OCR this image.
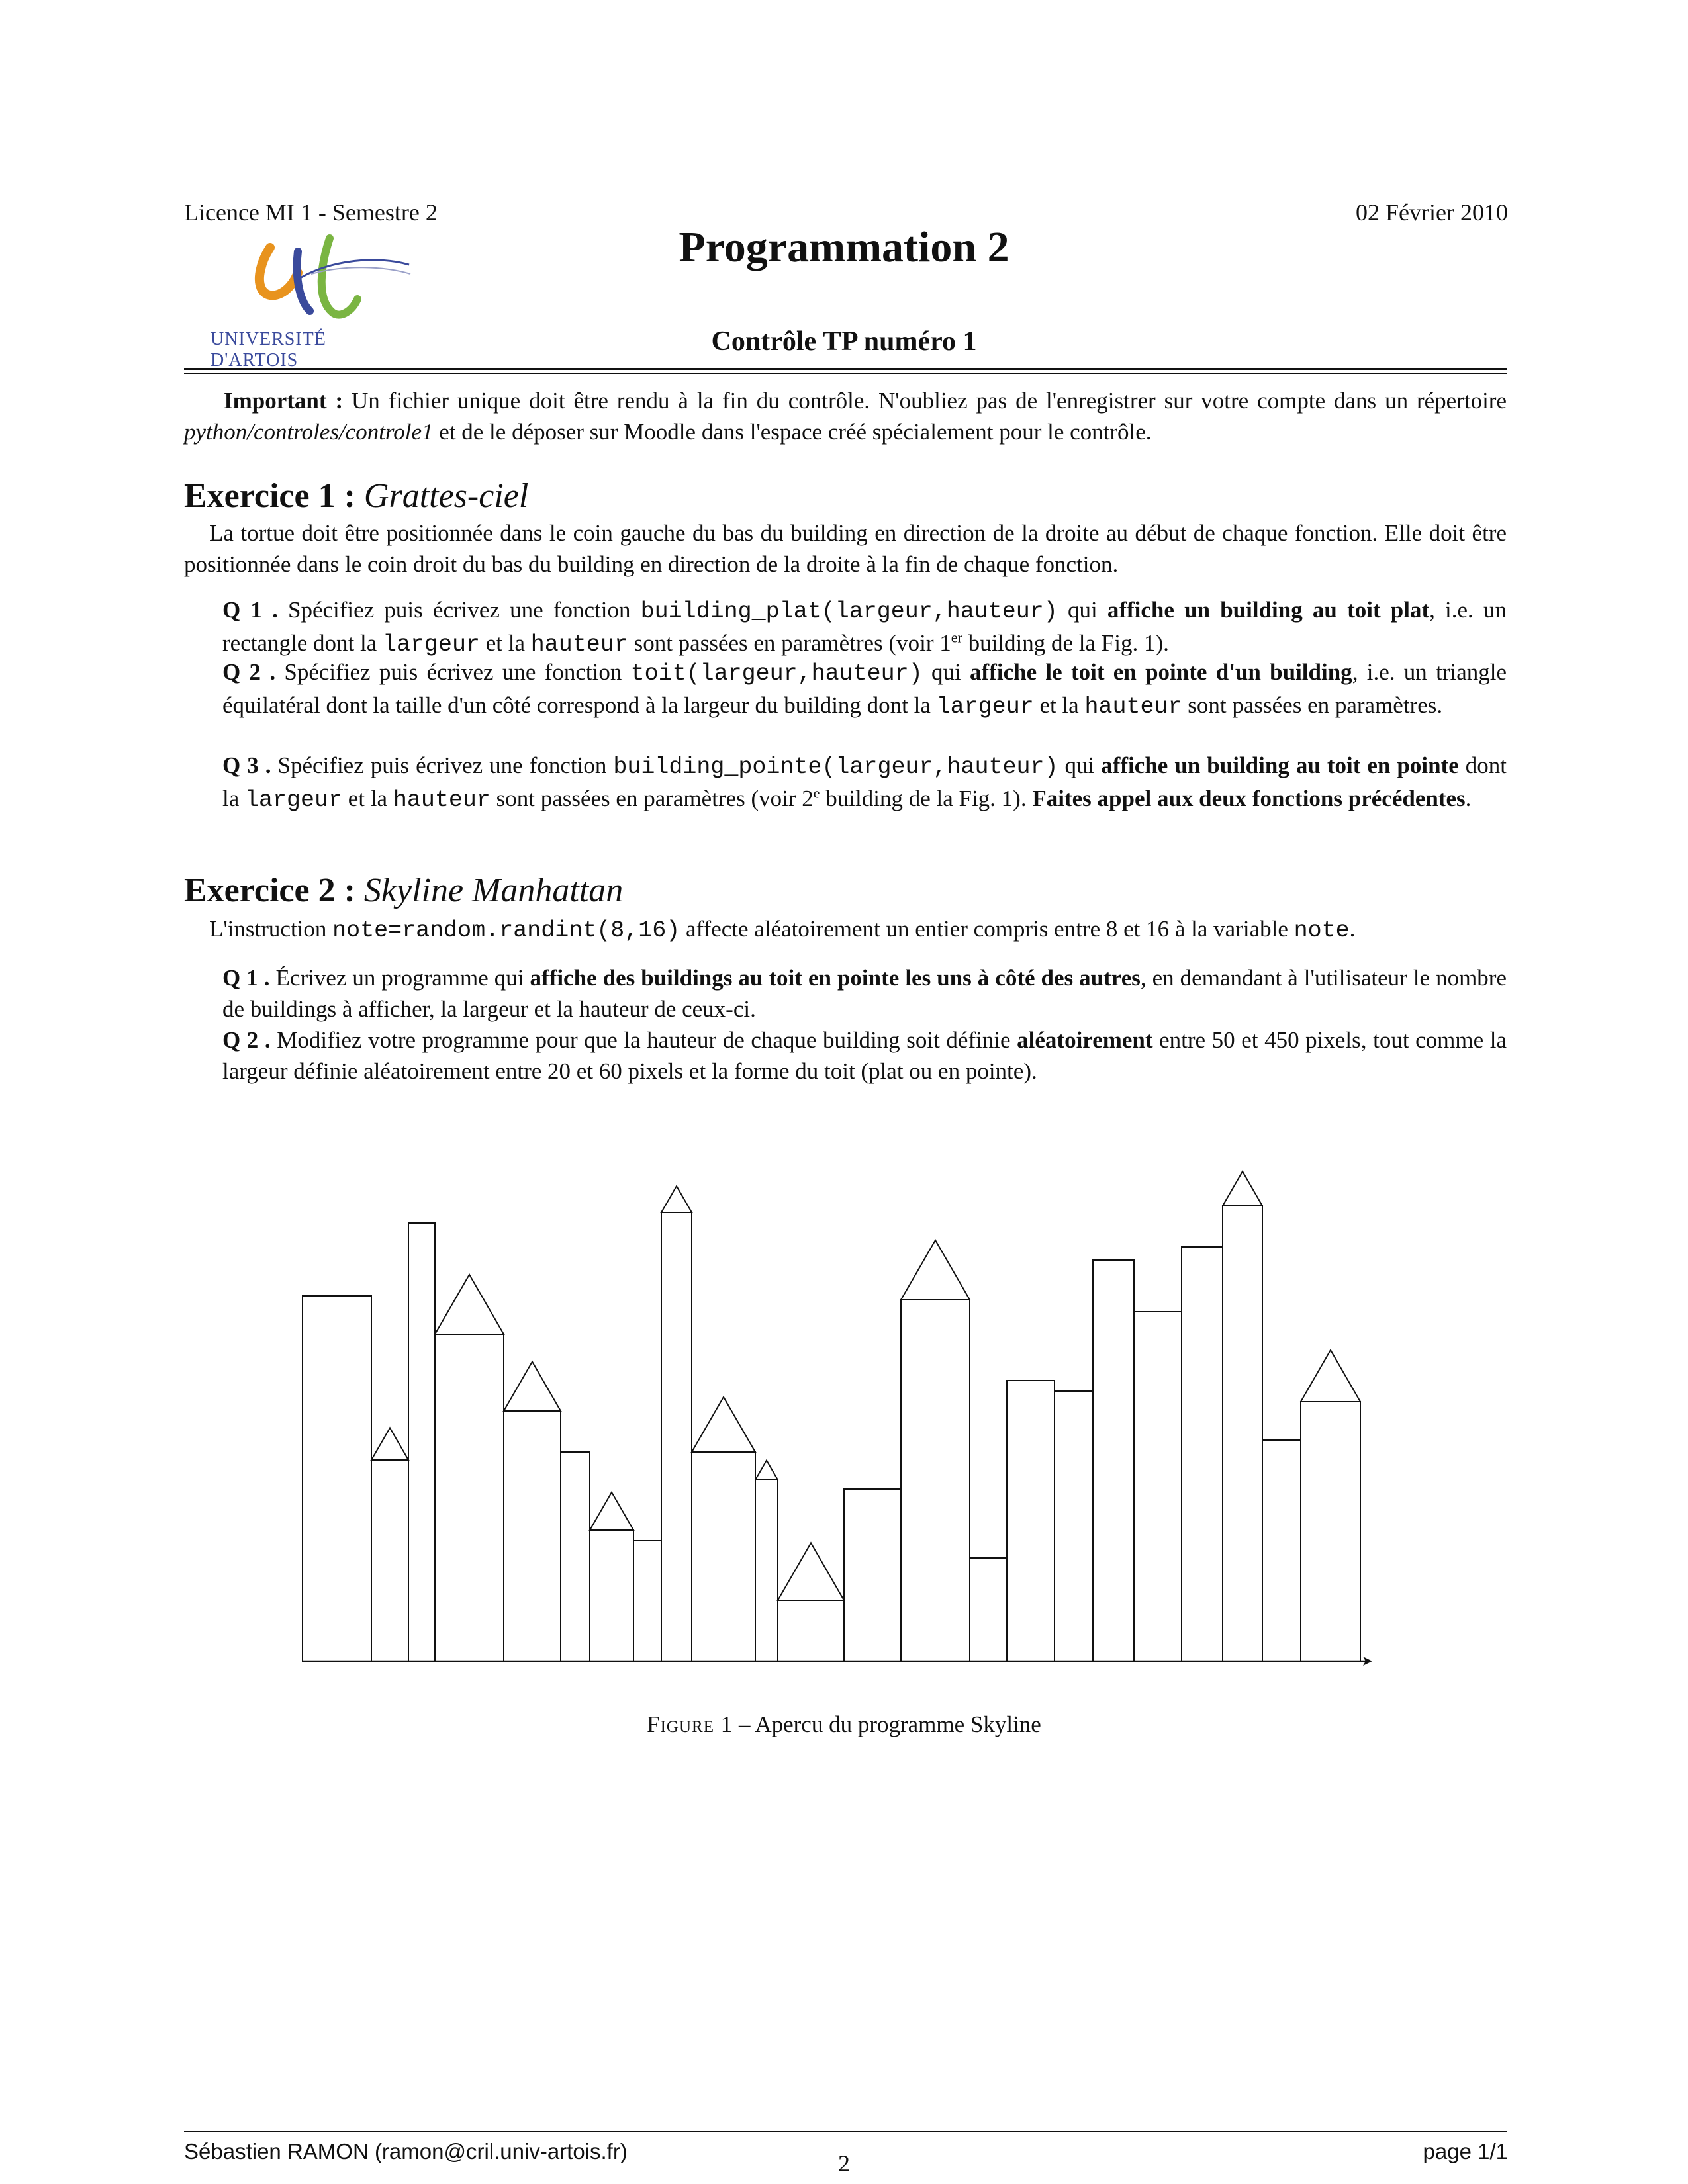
Licence MI 1 - Semestre 2	02 Février 2010
Programmation 2
UNIVERSITÉ D'ARTOIS
Contrôle TP numéro 1

Important : Un fichier unique doit être rendu à la fin du contrôle. N'oubliez pas de l'enregistrer sur votre compte dans un répertoire python/controles/controle1 et de le déposer sur Moodle dans l'espace créé spécialement pour le contrôle.

Exercice 1 : Grattes-ciel

La tortue doit être positionnée dans le coin gauche du bas du building en direction de la droite au début de chaque fonction. Elle doit être positionnée dans le coin droit du bas du building en direction de la droite à la fin de chaque fonction.

Q 1 . Spécifiez puis écrivez une fonction building_plat(largeur,hauteur) qui affiche un building au toit plat, i.e. un rectangle dont la largeur et la hauteur sont passées en paramètres (voir 1er building de la Fig. 1).

Q 2 . Spécifiez puis écrivez une fonction toit(largeur,hauteur) qui affiche le toit en pointe d'un building, i.e. un triangle équilatéral dont la taille d'un côté correspond à la largeur du building dont la largeur et la hauteur sont passées en paramètres.

Q 3 . Spécifiez puis écrivez une fonction building_pointe(largeur,hauteur) qui affiche un building au toit en pointe dont la largeur et la hauteur sont passées en paramètres (voir 2e building de la Fig. 1). Faites appel aux deux fonctions précédentes.

Exercice 2 : Skyline Manhattan

L'instruction note=random.randint(8,16) affecte aléatoirement un entier compris entre 8 et 16 à la variable note.

Q 1 . Écrivez un programme qui affiche des buildings au toit en pointe les uns à côté des autres, en demandant à l'utilisateur le nombre de buildings à afficher, la largeur et la hauteur de ceux-ci.

Q 2 . Modifiez votre programme pour que la hauteur de chaque building soit définie aléatoirement entre 50 et 450 pixels, tout comme la largeur définie aléatoirement entre 20 et 60 pixels et la forme du toit (plat ou en pointe).

Figure 1 – Apercu du programme Skyline
Sébastien RAMON (ramon@cril.univ-artois.fr)	page 1/1
2
